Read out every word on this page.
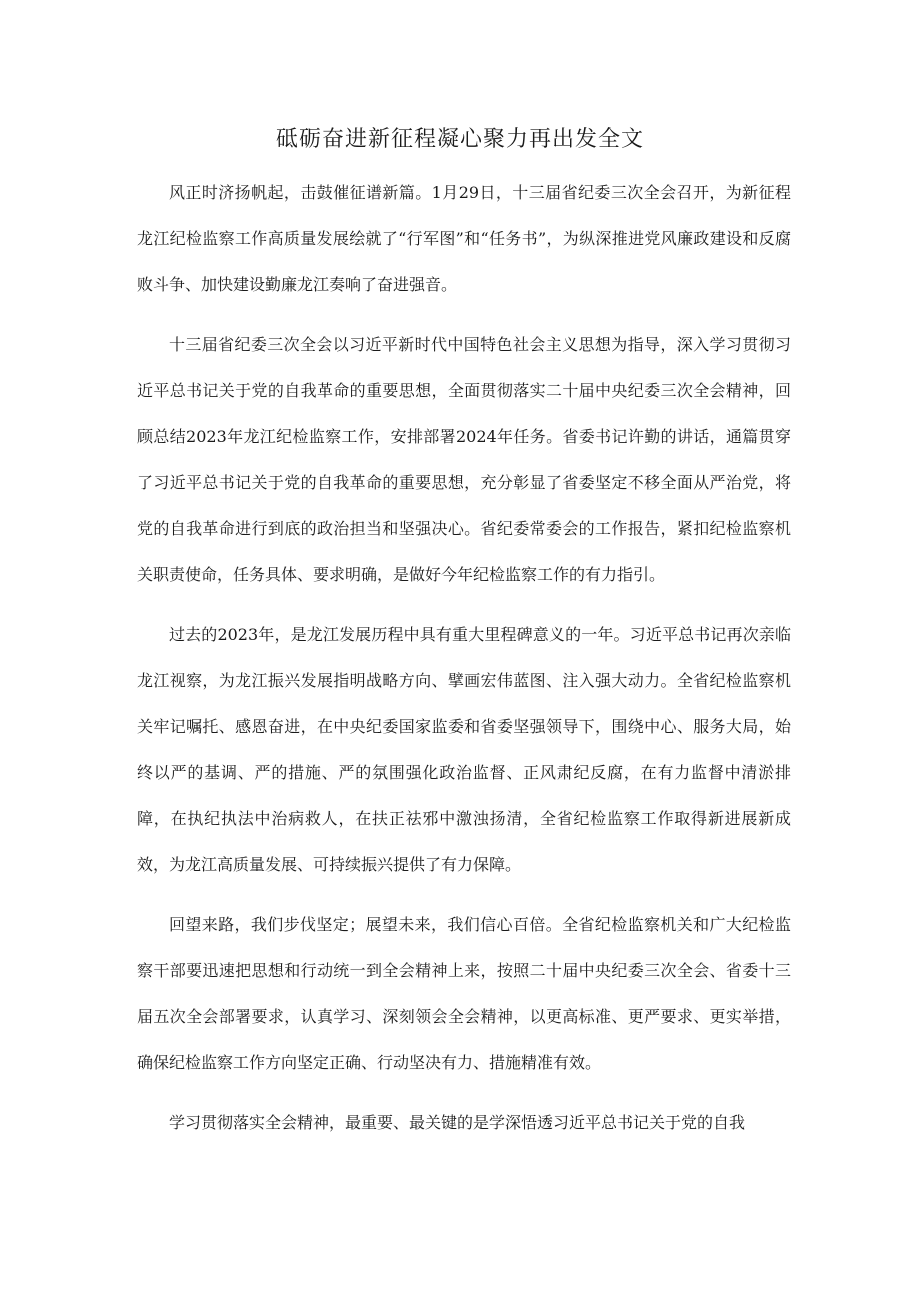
砥砺奋进新征程凝心聚力再出发全文

风正时济扬帆起，击鼓催征谱新篇。1月29日，十三届省纪委三次全会召开，为新征程龙江纪检监察工作高质量发展绘就了“行军图”和“任务书”，为纵深推进党风廉政建设和反腐败斗争、加快建设勤廉龙江奏响了奋进强音。

十三届省纪委三次全会以习近平新时代中国特色社会主义思想为指导，深入学习贯彻习近平总书记关于党的自我革命的重要思想，全面贯彻落实二十届中央纪委三次全会精神，回顾总结2023年龙江纪检监察工作，安排部署2024年任务。省委书记许勤的讲话，通篇贯穿了习近平总书记关于党的自我革命的重要思想，充分彰显了省委坚定不移全面从严治党，将党的自我革命进行到底的政治担当和坚强决心。省纪委常委会的工作报告，紧扣纪检监察机关职责使命，任务具体、要求明确，是做好今年纪检监察工作的有力指引。

过去的2023年，是龙江发展历程中具有重大里程碑意义的一年。习近平总书记再次亲临龙江视察，为龙江振兴发展指明战略方向、擘画宏伟蓝图、注入强大动力。全省纪检监察机关牢记嘱托、感恩奋进，在中央纪委国家监委和省委坚强领导下，围绕中心、服务大局，始终以严的基调、严的措施、严的氛围强化政治监督、正风肃纪反腐，在有力监督中清淤排障，在执纪执法中治病救人，在扶正祛邪中激浊扬清，全省纪检监察工作取得新进展新成效，为龙江高质量发展、可持续振兴提供了有力保障。

回望来路，我们步伐坚定；展望未来，我们信心百倍。全省纪检监察机关和广大纪检监察干部要迅速把思想和行动统一到全会精神上来，按照二十届中央纪委三次全会、省委十三届五次全会部署要求，认真学习、深刻领会全会精神，以更高标准、更严要求、更实举措，确保纪检监察工作方向坚定正确、行动坚决有力、措施精准有效。

学习贯彻落实全会精神，最重要、最关键的是学深悟透习近平总书记关于党的自我
